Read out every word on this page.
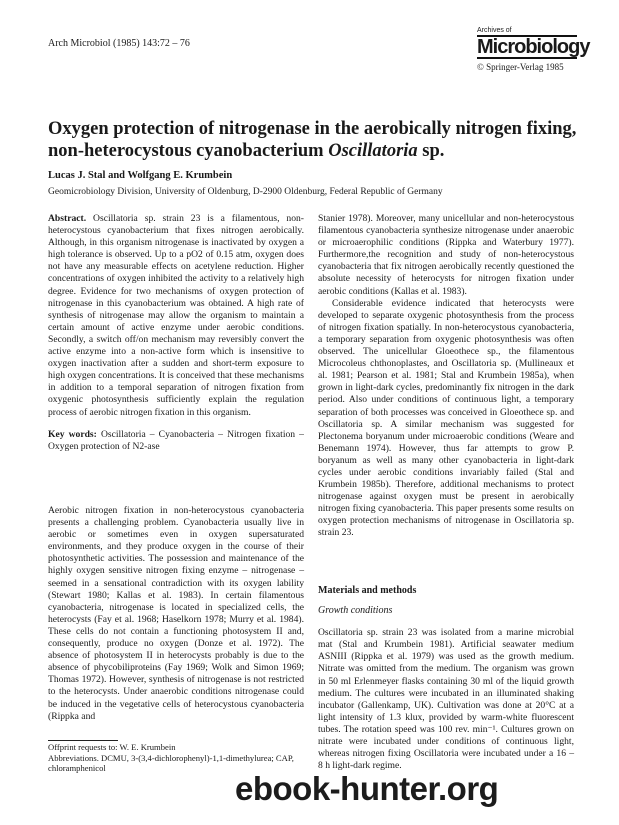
Arch Microbiol (1985) 143:72 – 76
Archives of
Microbiology
© Springer-Verlag 1985
Oxygen protection of nitrogenase in the aerobically nitrogen fixing,
non-heterocystous cyanobacterium Oscillatoria sp.
Lucas J. Stal and Wolfgang E. Krumbein
Geomicrobiology Division, University of Oldenburg, D-2900 Oldenburg, Federal Republic of Germany

Abstract. Oscillatoria sp. strain 23 is a filamentous, non-heterocystous cyanobacterium that fixes nitrogen aerobically. Although, in this organism nitrogenase is inactivated by oxygen a high tolerance is observed. Up to a pO2 of 0.15 atm, oxygen does not have any measurable effects on acetylene reduction. Higher concentrations of oxygen inhibited the activity to a relatively high degree. Evidence for two mechanisms of oxygen protection of nitrogenase in this cyanobacterium was obtained. A high rate of synthesis of nitrogenase may allow the organism to maintain a certain amount of active enzyme under aerobic conditions. Secondly, a switch off/on mechanism may reversibly convert the active enzyme into a non-active form which is insensitive to oxygen inactivation after a sudden and short-term exposure to high oxygen concentrations. It is conceived that these mechanisms in addition to a temporal separation of nitrogen fixation from oxygenic photosynthesis sufficiently explain the regulation process of aerobic nitrogen fixation in this organism.

Key words: Oscillatoria – Cyanobacteria – Nitrogen fixation – Oxygen protection of N2-ase

Aerobic nitrogen fixation in non-heterocystous cyanobacteria presents a challenging problem. Cyanobacteria usually live in aerobic or sometimes even in oxygen supersaturated environments, and they produce oxygen in the course of their photosynthetic activities. The possession and maintenance of the highly oxygen sensitive nitrogen fixing enzyme – nitrogenase – seemed in a sensational contradiction with its oxygen lability (Stewart 1980; Kallas et al. 1983). In certain filamentous cyanobacteria, nitrogenase is located in specialized cells, the heterocysts (Fay et al. 1968; Haselkorn 1978; Murry et al. 1984). These cells do not contain a functioning photosystem II and, consequently, produce no oxygen (Donze et al. 1972). The absence of photosystem II in heterocysts probably is due to the absence of phycobiliproteins (Fay 1969; Wolk and Simon 1969; Thomas 1972). However, synthesis of nitrogenase is not restricted to the heterocysts. Under anaerobic conditions nitrogenase could be induced in the vegetative cells of heterocystous cyanobacteria (Rippka and

Offprint requests to: W. E. Krumbein
Abbreviations. DCMU, 3-(3,4-dichlorophenyl)-1,1-dimethylurea; CAP, chloramphenicol

Stanier 1978). Moreover, many unicellular and non-heterocystous filamentous cyanobacteria synthesize nitrogenase under anaerobic or microaerophilic conditions (Rippka and Waterbury 1977). Furthermore,the recognition and study of non-heterocystous cyanobacteria that fix nitrogen aerobically recently questioned the absolute necessity of heterocysts for nitrogen fixation under aerobic conditions (Kallas et al. 1983).

Considerable evidence indicated that heterocysts were developed to separate oxygenic photosynthesis from the process of nitrogen fixation spatially. In non-heterocystous cyanobacteria, a temporary separation from oxygenic photosynthesis was often observed. The unicellular Gloeothece sp., the filamentous Microcoleus chthonoplastes, and Oscillatoria sp. (Mullineaux et al. 1981; Pearson et al. 1981; Stal and Krumbein 1985a), when grown in light-dark cycles, predominantly fix nitrogen in the dark period. Also under conditions of continuous light, a temporary separation of both processes was conceived in Gloeothece sp. and Oscillatoria sp. A similar mechanism was suggested for Plectonema boryanum under microaerobic conditions (Weare and Benemann 1974). However, thus far attempts to grow P. boryanum as well as many other cyanobacteria in light-dark cycles under aerobic conditions invariably failed (Stal and Krumbein 1985b). Therefore, additional mechanisms to protect nitrogenase against oxygen must be present in aerobically nitrogen fixing cyanobacteria. This paper presents some results on oxygen protection mechanisms of nitrogenase in Oscillatoria sp. strain 23.

Materials and methods

Growth conditions

Oscillatoria sp. strain 23 was isolated from a marine microbial mat (Stal and Krumbein 1981). Artificial seawater medium ASNIII (Rippka et al. 1979) was used as the growth medium. Nitrate was omitted from the medium. The organism was grown in 50 ml Erlenmeyer flasks containing 30 ml of the liquid growth medium. The cultures were incubated in an illuminated shaking incubator (Gallenkamp, UK). Cultivation was done at 20°C at a light intensity of 1.3 klux, provided by warm-white fluorescent tubes. The rotation speed was 100 rev. min⁻¹. Cultures grown on nitrate were incubated under conditions of continuous light, whereas nitrogen fixing Oscillatoria were incubated under a 16 – 8 h light-dark regime.

ebook-hunter.org
